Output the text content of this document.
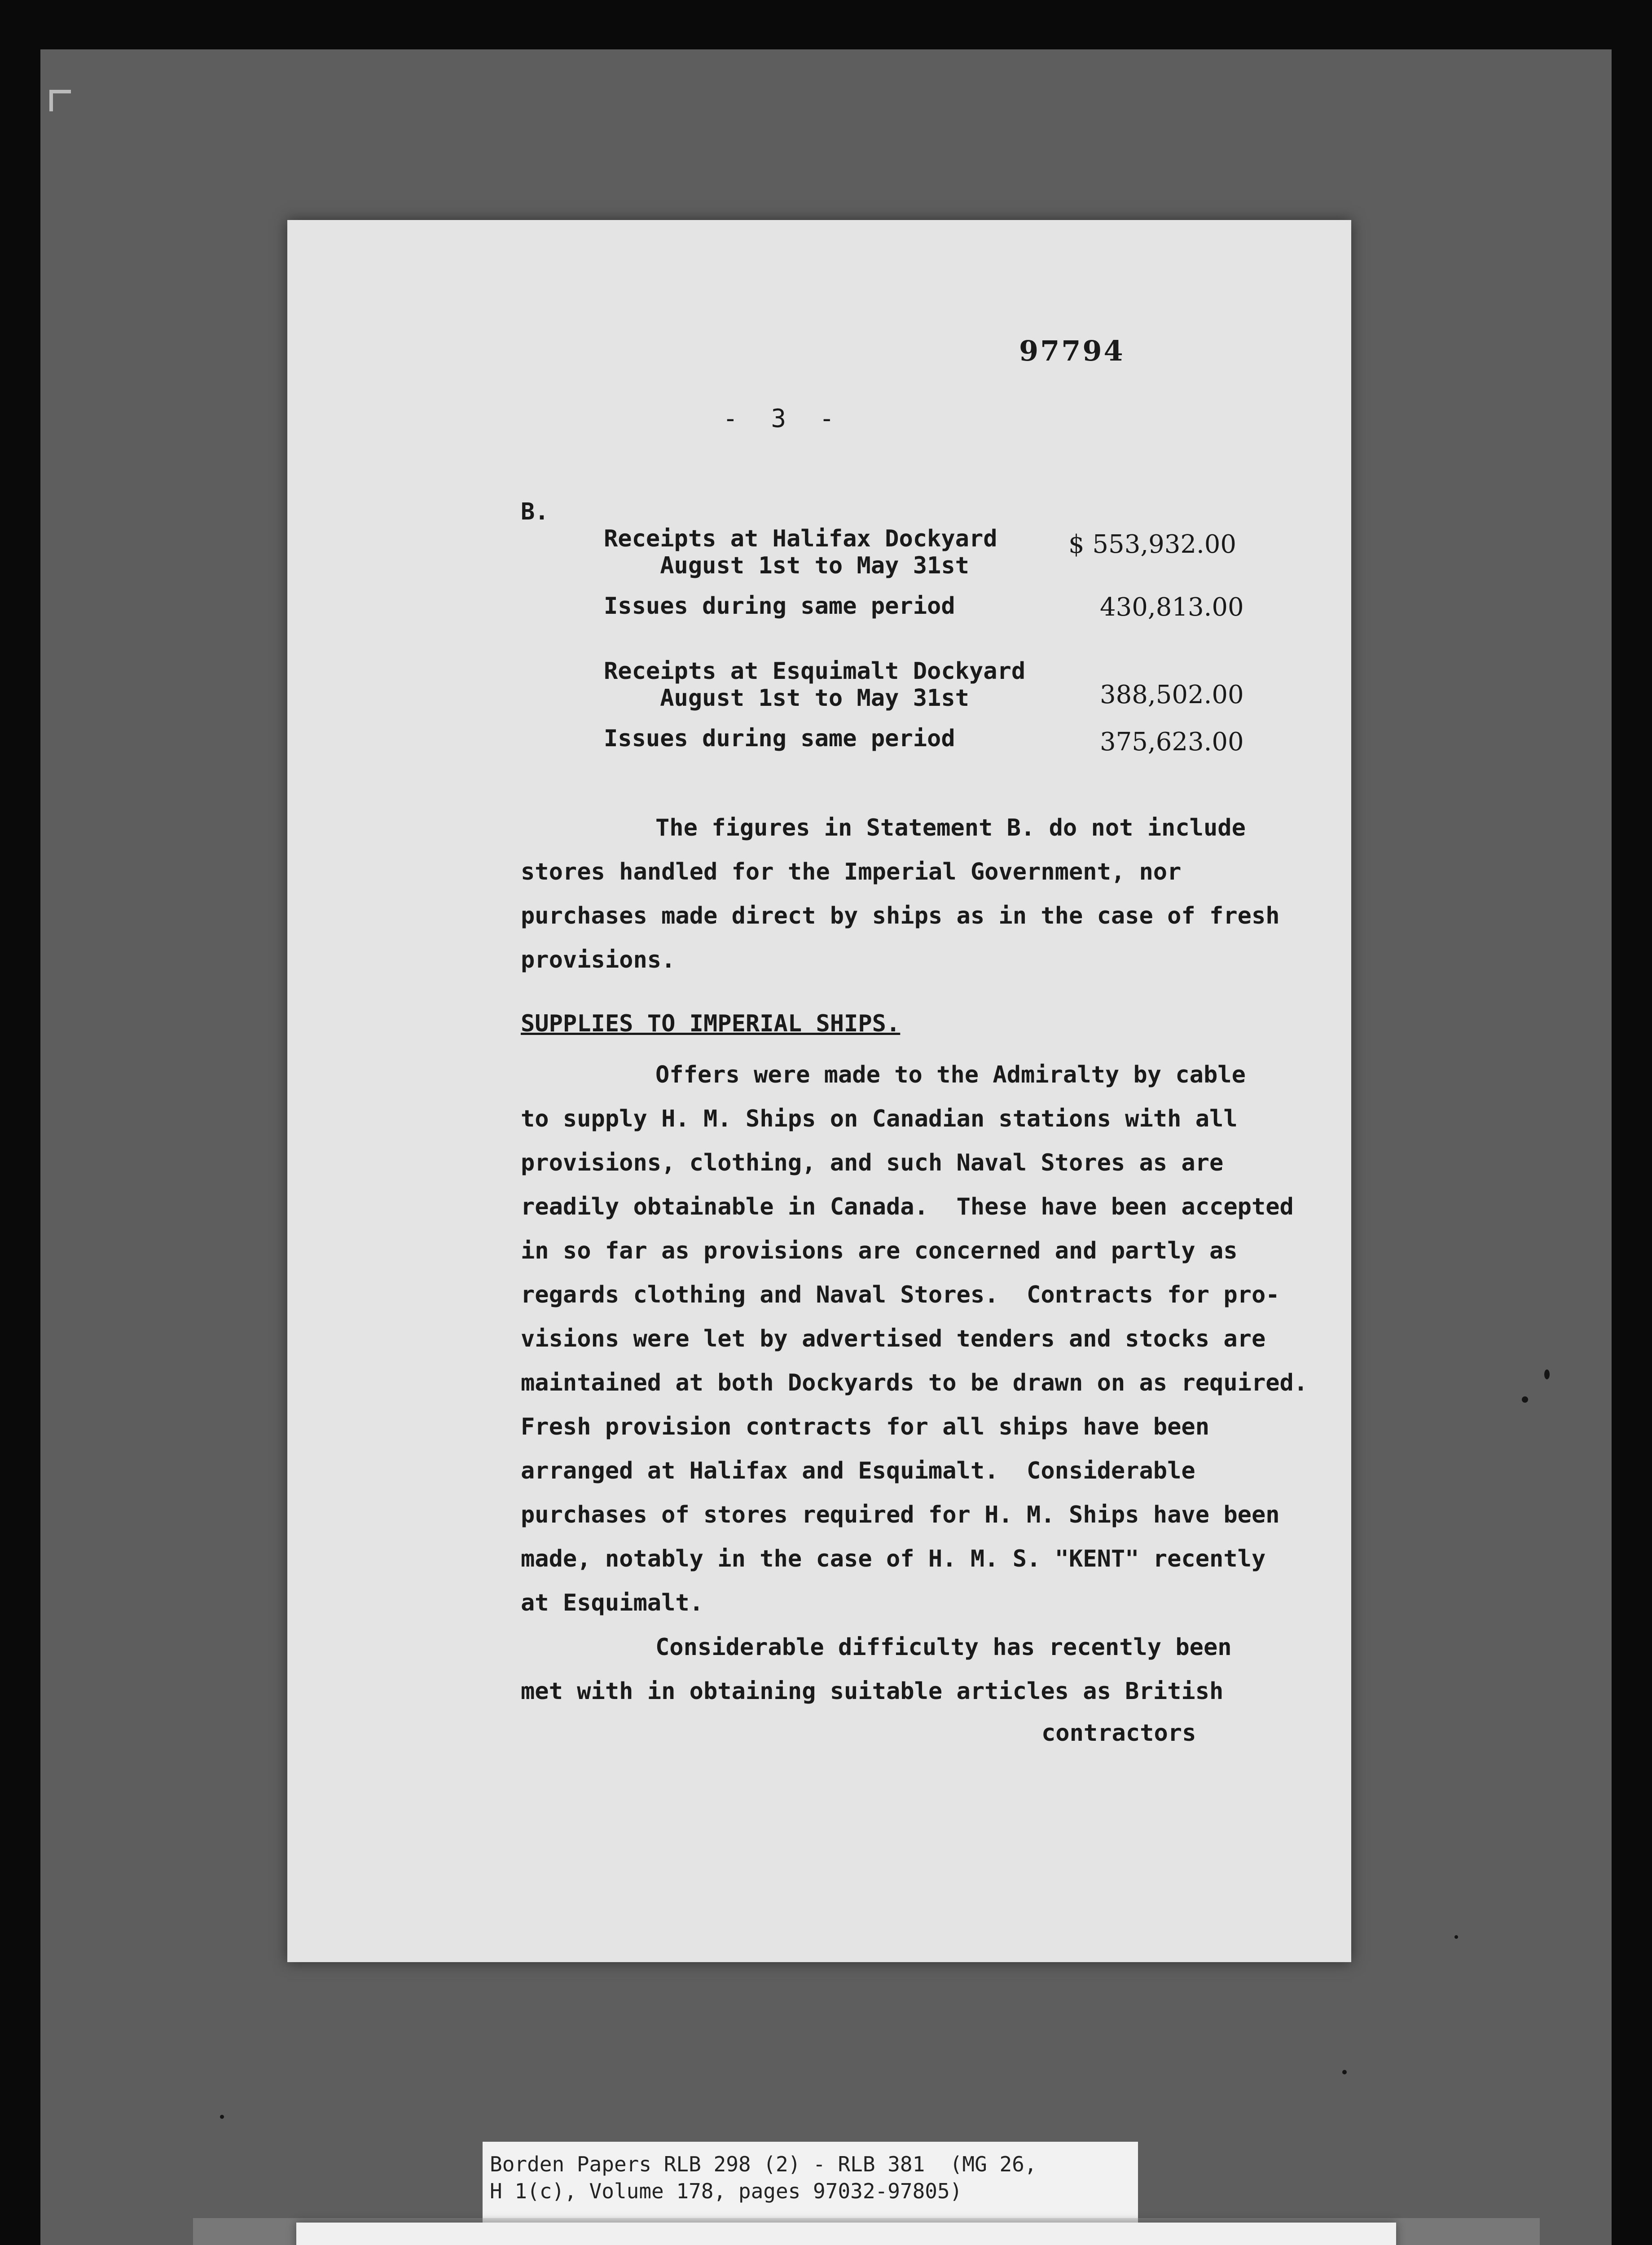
97794
- 3 -
B.
Receipts at Halifax Dockyard
August 1st to May 31st
$ 553,932.00
Issues during same period	430,813.00
Receipts at Esquimalt Dockyard
August 1st to May 31st	388,502.00
Issues during same period	375,623.00
The figures in Statement B. do not include
stores handled for the Imperial Government, nor
purchases made direct by ships as in the case of fresh
provisions.
SUPPLIES TO IMPERIAL SHIPS.
Offers were made to the Admiralty by cable
to supply H. M. Ships on Canadian stations with all
provisions, clothing, and such Naval Stores as are
readily obtainable in Canada.  These have been accepted
in so far as provisions are concerned and partly as
regards clothing and Naval Stores.  Contracts for pro-
visions were let by advertised tenders and stocks are
maintained at both Dockyards to be drawn on as required.
Fresh provision contracts for all ships have been
arranged at Halifax and Esquimalt.  Considerable
purchases of stores required for H. M. Ships have been
made, notably in the case of H. M. S. "KENT" recently
at Esquimalt.
Considerable difficulty has recently been
met with in obtaining suitable articles as British
contractors
Borden Papers RLB 298 (2) - RLB 381  (MG 26,
H 1(c), Volume 178, pages 97032-97805)
